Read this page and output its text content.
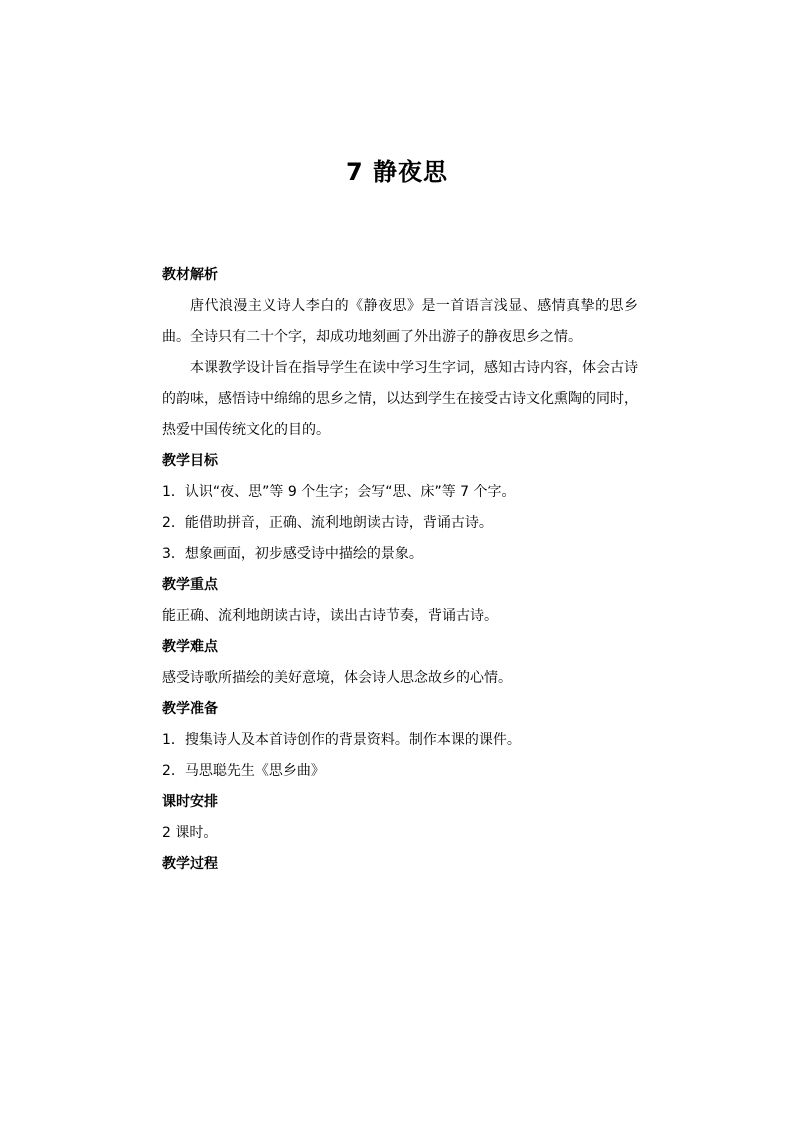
7 静夜思

教材解析

唐代浪漫主义诗人李白的《静夜思》是一首语言浅显、感情真挚的思乡曲。全诗只有二十个字，却成功地刻画了外出游子的静夜思乡之情。

本课教学设计旨在指导学生在读中学习生字词，感知古诗内容，体会古诗的韵味，感悟诗中绵绵的思乡之情，以达到学生在接受古诗文化熏陶的同时，热爱中国传统文化的目的。

教学目标

1．认识“夜、思”等 9 个生字；会写“思、床”等 7 个字。

2．能借助拼音，正确、流利地朗读古诗，背诵古诗。

3．想象画面，初步感受诗中描绘的景象。

教学重点

能正确、流利地朗读古诗，读出古诗节奏，背诵古诗。

教学难点

感受诗歌所描绘的美好意境，体会诗人思念故乡的心情。

教学准备

1．搜集诗人及本首诗创作的背景资料。制作本课的课件。

2．马思聪先生《思乡曲》

课时安排

2 课时。

教学过程
